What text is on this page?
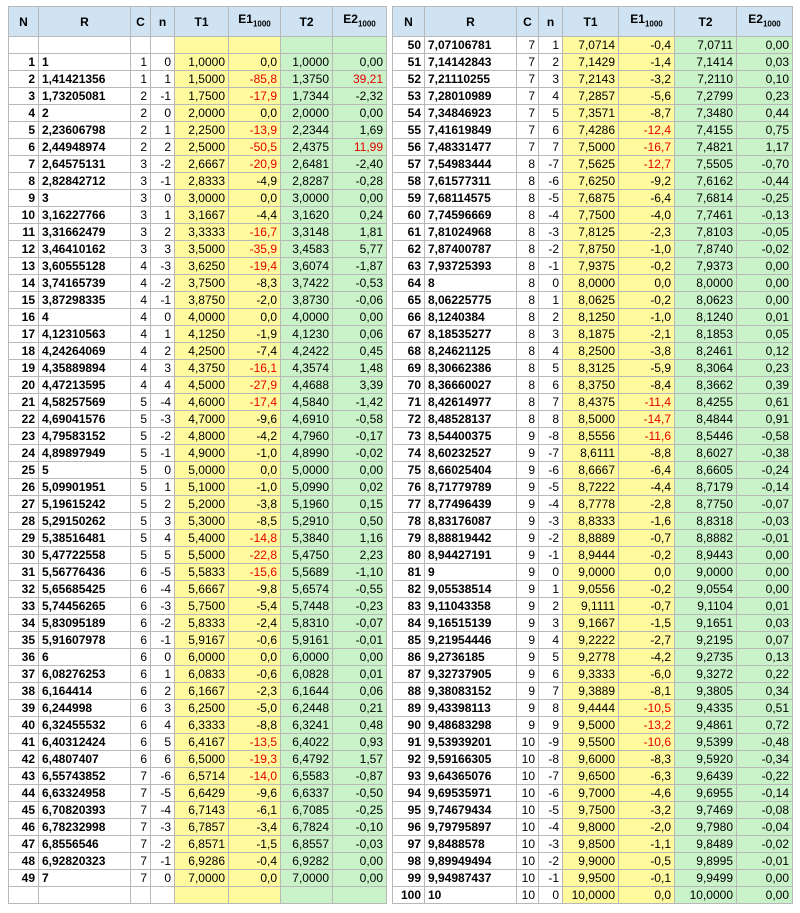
N	R	C	n	T1	$E1_{1000}$	T2	$E2_{1000}$

1	1	1	0	1,0000	0,0	1,0000	0,00
2	1,41421356	1	1	1,5000	-85,8	1,3750	39,21
3	1,73205081	2	-1	1,7500	-17,9	1,7344	-2,32
4	2	2	0	2,0000	0,0	2,0000	0,00
5	2,23606798	2	1	2,2500	-13,9	2,2344	1,69
6	2,44948974	2	2	2,5000	-50,5	2,4375	11,99
7	2,64575131	3	-2	2,6667	-20,9	2,6481	-2,40
8	2,82842712	3	-1	2,8333	-4,9	2,8287	-0,28
9	3	3	0	3,0000	0,0	3,0000	0,00
10	3,16227766	3	1	3,1667	-4,4	3,1620	0,24
11	3,31662479	3	2	3,3333	-16,7	3,3148	1,81
12	3,46410162	3	3	3,5000	-35,9	3,4583	5,77
13	3,60555128	4	-3	3,6250	-19,4	3,6074	-1,87
14	3,74165739	4	-2	3,7500	-8,3	3,7422	-0,53
15	3,87298335	4	-1	3,8750	-2,0	3,8730	-0,06
16	4	4	0	4,0000	0,0	4,0000	0,00
17	4,12310563	4	1	4,1250	-1,9	4,1230	0,06
18	4,24264069	4	2	4,2500	-7,4	4,2422	0,45
19	4,35889894	4	3	4,3750	-16,1	4,3574	1,48
20	4,47213595	4	4	4,5000	-27,9	4,4688	3,39
21	4,58257569	5	-4	4,6000	-17,4	4,5840	-1,42
22	4,69041576	5	-3	4,7000	-9,6	4,6910	-0,58
23	4,79583152	5	-2	4,8000	-4,2	4,7960	-0,17
24	4,89897949	5	-1	4,9000	-1,0	4,8990	-0,02
25	5	5	0	5,0000	0,0	5,0000	0,00
26	5,09901951	5	1	5,1000	-1,0	5,0990	0,02
27	5,19615242	5	2	5,2000	-3,8	5,1960	0,15
28	5,29150262	5	3	5,3000	-8,5	5,2910	0,50
29	5,38516481	5	4	5,4000	-14,8	5,3840	1,16
30	5,47722558	5	5	5,5000	-22,8	5,4750	2,23
31	5,56776436	6	-5	5,5833	-15,6	5,5689	-1,10
32	5,65685425	6	-4	5,6667	-9,8	5,6574	-0,55
33	5,74456265	6	-3	5,7500	-5,4	5,7448	-0,23
34	5,83095189	6	-2	5,8333	-2,4	5,8310	-0,07
35	5,91607978	6	-1	5,9167	-0,6	5,9161	-0,01
36	6	6	0	6,0000	0,0	6,0000	0,00
37	6,08276253	6	1	6,0833	-0,6	6,0828	0,01
38	6,164414	6	2	6,1667	-2,3	6,1644	0,06
39	6,244998	6	3	6,2500	-5,0	6,2448	0,21
40	6,32455532	6	4	6,3333	-8,8	6,3241	0,48
41	6,40312424	6	5	6,4167	-13,5	6,4022	0,93
42	6,4807407	6	6	6,5000	-19,3	6,4792	1,57
43	6,55743852	7	-6	6,5714	-14,0	6,5583	-0,87
44	6,63324958	7	-5	6,6429	-9,6	6,6337	-0,50
45	6,70820393	7	-4	6,7143	-6,1	6,7085	-0,25
46	6,78232998	7	-3	6,7857	-3,4	6,7824	-0,10
47	6,8556546	7	-2	6,8571	-1,5	6,8557	-0,03
48	6,92820323	7	-1	6,9286	-0,4	6,9282	0,00
49	7	7	0	7,0000	0,0	7,0000	0,00

N	R	C	n	T1	$E1_{1000}$	T2	$E2_{1000}$
50	7,07106781	7	1	7,0714	-0,4	7,0711	0,00
51	7,14142843	7	2	7,1429	-1,4	7,1414	0,03
52	7,21110255	7	3	7,2143	-3,2	7,2110	0,10
53	7,28010989	7	4	7,2857	-5,6	7,2799	0,23
54	7,34846923	7	5	7,3571	-8,7	7,3480	0,44
55	7,41619849	7	6	7,4286	-12,4	7,4155	0,75
56	7,48331477	7	7	7,5000	-16,7	7,4821	1,17
57	7,54983444	8	-7	7,5625	-12,7	7,5505	-0,70
58	7,61577311	8	-6	7,6250	-9,2	7,6162	-0,44
59	7,68114575	8	-5	7,6875	-6,4	7,6814	-0,25
60	7,74596669	8	-4	7,7500	-4,0	7,7461	-0,13
61	7,81024968	8	-3	7,8125	-2,3	7,8103	-0,05
62	7,87400787	8	-2	7,8750	-1,0	7,8740	-0,02
63	7,93725393	8	-1	7,9375	-0,2	7,9373	0,00
64	8	8	0	8,0000	0,0	8,0000	0,00
65	8,06225775	8	1	8,0625	-0,2	8,0623	0,00
66	8,1240384	8	2	8,1250	-1,0	8,1240	0,01
67	8,18535277	8	3	8,1875	-2,1	8,1853	0,05
68	8,24621125	8	4	8,2500	-3,8	8,2461	0,12
69	8,30662386	8	5	8,3125	-5,9	8,3064	0,23
70	8,36660027	8	6	8,3750	-8,4	8,3662	0,39
71	8,42614977	8	7	8,4375	-11,4	8,4255	0,61
72	8,48528137	8	8	8,5000	-14,7	8,4844	0,91
73	8,54400375	9	-8	8,5556	-11,6	8,5446	-0,58
74	8,60232527	9	-7	8,6111	-8,8	8,6027	-0,38
75	8,66025404	9	-6	8,6667	-6,4	8,6605	-0,24
76	8,71779789	9	-5	8,7222	-4,4	8,7179	-0,14
77	8,77496439	9	-4	8,7778	-2,8	8,7750	-0,07
78	8,83176087	9	-3	8,8333	-1,6	8,8318	-0,03
79	8,88819442	9	-2	8,8889	-0,7	8,8882	-0,01
80	8,94427191	9	-1	8,9444	-0,2	8,9443	0,00
81	9	9	0	9,0000	0,0	9,0000	0,00
82	9,05538514	9	1	9,0556	-0,2	9,0554	0,00
83	9,11043358	9	2	9,1111	-0,7	9,1104	0,01
84	9,16515139	9	3	9,1667	-1,5	9,1651	0,03
85	9,21954446	9	4	9,2222	-2,7	9,2195	0,07
86	9,2736185	9	5	9,2778	-4,2	9,2735	0,13
87	9,32737905	9	6	9,3333	-6,0	9,3272	0,22
88	9,38083152	9	7	9,3889	-8,1	9,3805	0,34
89	9,43398113	9	8	9,4444	-10,5	9,4335	0,51
90	9,48683298	9	9	9,5000	-13,2	9,4861	0,72
91	9,53939201	10	-9	9,5500	-10,6	9,5399	-0,48
92	9,59166305	10	-8	9,6000	-8,3	9,5920	-0,34
93	9,64365076	10	-7	9,6500	-6,3	9,6439	-0,22
94	9,69535971	10	-6	9,7000	-4,6	9,6955	-0,14
95	9,74679434	10	-5	9,7500	-3,2	9,7469	-0,08
96	9,79795897	10	-4	9,8000	-2,0	9,7980	-0,04
97	9,8488578	10	-3	9,8500	-1,1	9,8489	-0,02
98	9,89949494	10	-2	9,9000	-0,5	9,8995	-0,01
99	9,94987437	10	-1	9,9500	-0,1	9,9499	0,00
100	10	10	0	10,0000	0,0	10,0000	0,00
